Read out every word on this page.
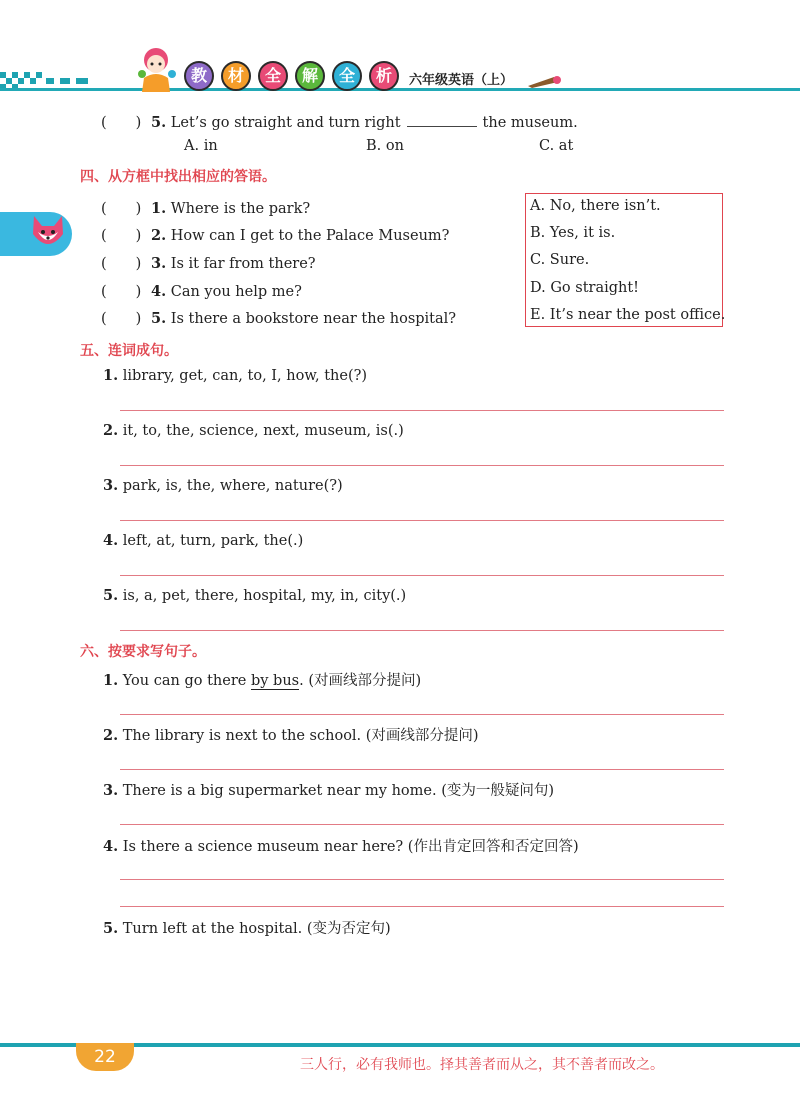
教	材	全	解	全	析	六年级英语（上）
(　　) 5. Let’s go straight and turn right	the museum.
A. in	B. on	C. at
四、从方框中找出相应的答语。
(　　) 1. Where is the park?
(　　) 2. How can I get to the Palace Museum?
(　　) 3. Is it far from there?
(　　) 4. Can you help me?
(　　) 5. Is there a bookstore near the hospital?
A. No, there isn’t.
B. Yes, it is.
C. Sure.
D. Go straight!
E. It’s near the post office.
五、连词成句。
1. library, get, can, to, I, how, the(?)
2. it, to, the, science, next, museum, is(.)
3. park, is, the, where, nature(?)
4. left, at, turn, park, the(.)
5. is, a, pet, there, hospital, my, in, city(.)
六、按要求写句子。
1. You can go there by bus. (对画线部分提问)
2. The library is next to the school. (对画线部分提问)
3. There is a big supermarket near my home. (变为一般疑问句)
4. Is there a science museum near here? (作出肯定回答和否定回答)
5. Turn left at the hospital. (变为否定句)
22	三人行，必有我师也。择其善者而从之，其不善者而改之。
